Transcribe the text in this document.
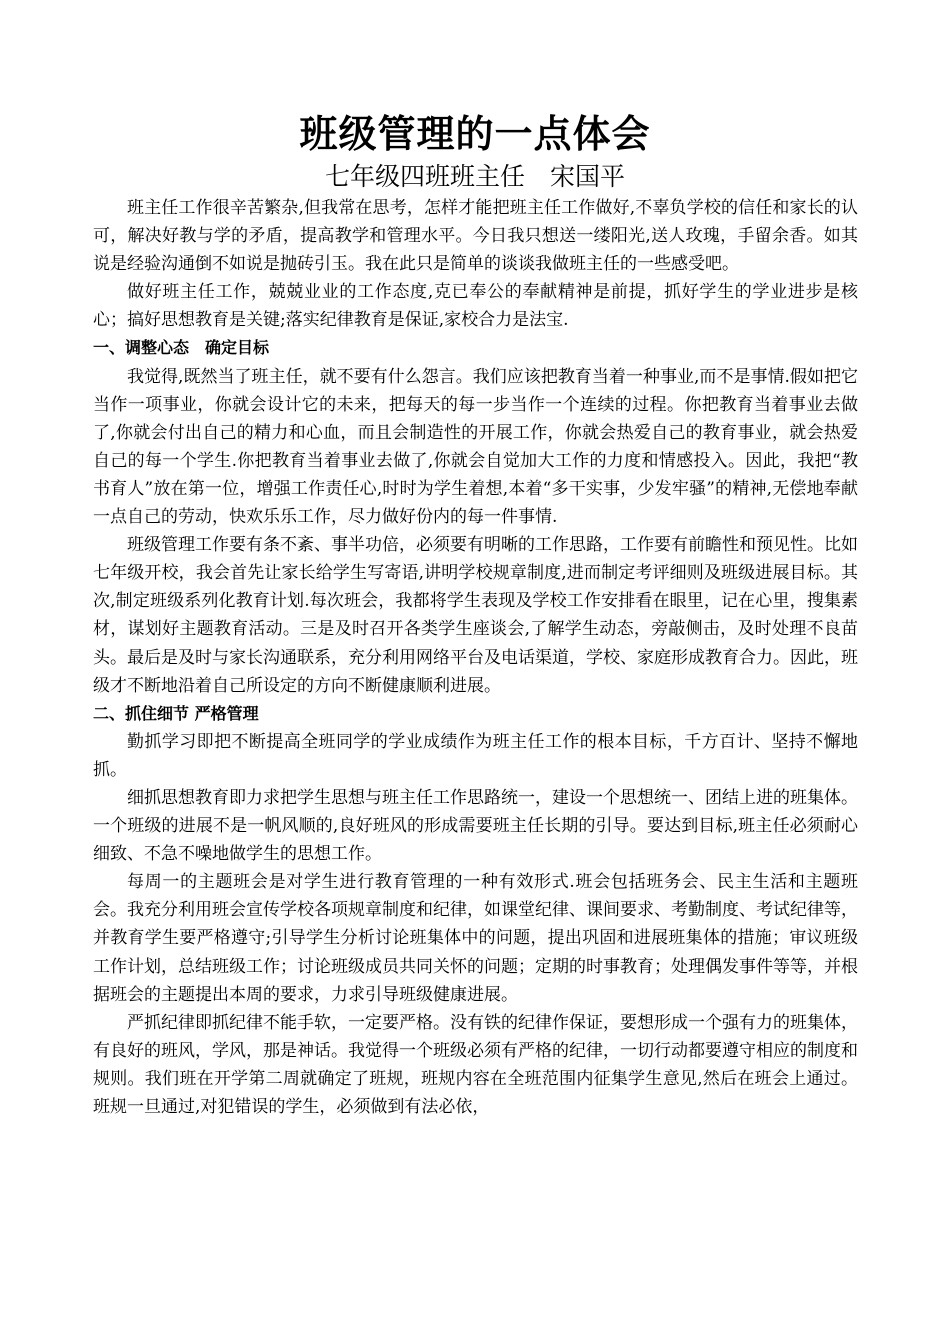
班级管理的一点体会
七年级四班班主任　宋国平

班主任工作很辛苦繁杂,但我常在思考，怎样才能把班主任工作做好,不辜负学校的信任和家长的认可，解决好教与学的矛盾，提高教学和管理水平。今日我只想送一缕阳光,送人玫瑰，手留余香。如其说是经验沟通倒不如说是抛砖引玉。我在此只是简单的谈谈我做班主任的一些感受吧。

做好班主任工作，兢兢业业的工作态度,克已奉公的奉献精神是前提，抓好学生的学业进步是核心；搞好思想教育是关键;落实纪律教育是保证,家校合力是法宝.

一、调整心态　确定目标

我觉得,既然当了班主任，就不要有什么怨言。我们应该把教育当着一种事业,而不是事情.假如把它当作一项事业，你就会设计它的未来，把每天的每一步当作一个连续的过程。你把教育当着事业去做了,你就会付出自己的精力和心血，而且会制造性的开展工作，你就会热爱自己的教育事业，就会热爱自己的每一个学生.你把教育当着事业去做了,你就会自觉加大工作的力度和情感投入。因此，我把“教书育人”放在第一位，增强工作责任心,时时为学生着想,本着“多干实事，少发牢骚”的精神,无偿地奉献一点自己的劳动，快欢乐乐工作，尽力做好份内的每一件事情.

班级管理工作要有条不紊、事半功倍，必须要有明晰的工作思路，工作要有前瞻性和预见性。比如七年级开校，我会首先让家长给学生写寄语,讲明学校规章制度,进而制定考评细则及班级进展目标。其次,制定班级系列化教育计划.每次班会，我都将学生表现及学校工作安排看在眼里，记在心里，搜集素材，谋划好主题教育活动。三是及时召开各类学生座谈会,了解学生动态，旁敲侧击，及时处理不良苗头。最后是及时与家长沟通联系，充分利用网络平台及电话渠道，学校、家庭形成教育合力。因此，班级才不断地沿着自己所设定的方向不断健康顺利进展。

二、抓住细节 严格管理

勤抓学习即把不断提高全班同学的学业成绩作为班主任工作的根本目标，千方百计、坚持不懈地抓。

细抓思想教育即力求把学生思想与班主任工作思路统一，建设一个思想统一、团结上进的班集体。一个班级的进展不是一帆风顺的,良好班风的形成需要班主任长期的引导。要达到目标,班主任必须耐心细致、不急不噪地做学生的思想工作。

每周一的主题班会是对学生进行教育管理的一种有效形式.班会包括班务会、民主生活和主题班会。我充分利用班会宣传学校各项规章制度和纪律，如课堂纪律、课间要求、考勤制度、考试纪律等，并教育学生要严格遵守;引导学生分析讨论班集体中的问题，提出巩固和进展班集体的措施；审议班级工作计划，总结班级工作；讨论班级成员共同关怀的问题；定期的时事教育；处理偶发事件等等，并根据班会的主题提出本周的要求，力求引导班级健康进展。

严抓纪律即抓纪律不能手软，一定要严格。没有铁的纪律作保证，要想形成一个强有力的班集体，有良好的班风，学风，那是神话。我觉得一个班级必须有严格的纪律，一切行动都要遵守相应的制度和规则。我们班在开学第二周就确定了班规，班规内容在全班范围内征集学生意见,然后在班会上通过。班规一旦通过,对犯错误的学生，必须做到有法必依，
